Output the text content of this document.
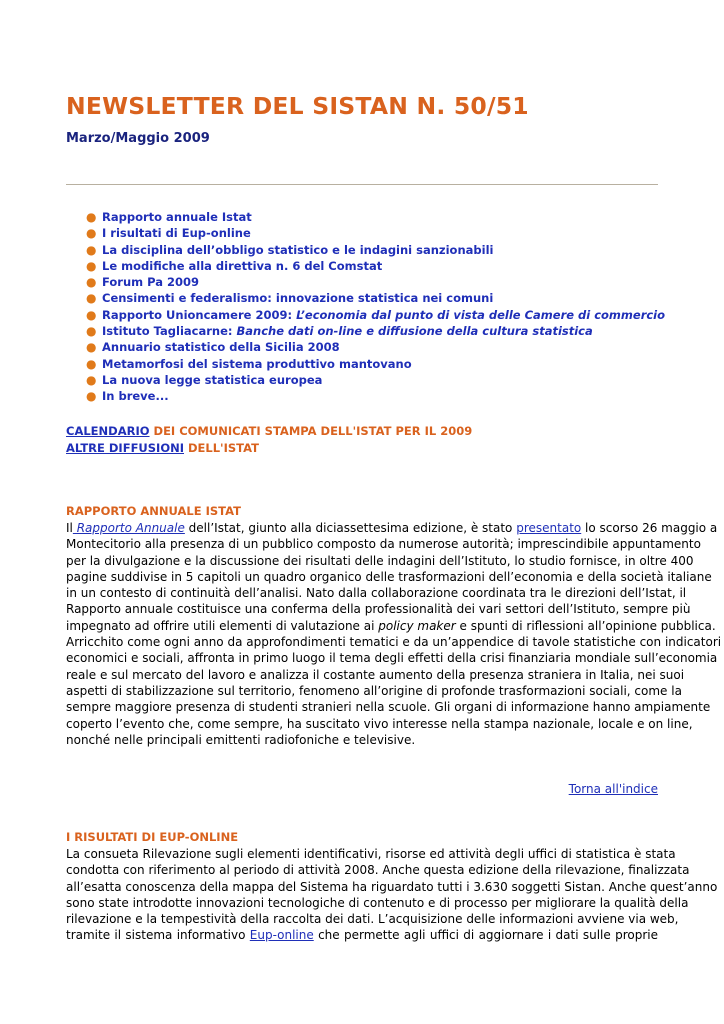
NEWSLETTER DEL SISTAN N. 50/51

Marzo/Maggio 2009

● Rapporto annuale Istat
● I risultati di Eup-online
● La disciplina dell’obbligo statistico e le indagini sanzionabili
● Le modifiche alla direttiva n. 6 del Comstat
● Forum Pa 2009
● Censimenti e federalismo: innovazione statistica nei comuni
● Rapporto Unioncamere 2009: L’economia dal punto di vista delle Camere di commercio
● Istituto Tagliacarne: Banche dati on-line e diffusione della cultura statistica
● Annuario statistico della Sicilia 2008
● Metamorfosi del sistema produttivo mantovano
● La nuova legge statistica europea
● In breve...
CALENDARIO DEI COMUNICATI STAMPA DELL'ISTAT PER IL 2009
ALTRE DIFFUSIONI DELL'ISTAT

RAPPORTO ANNUALE ISTAT

Il Rapporto Annuale dell’Istat, giunto alla diciassettesima edizione, è stato presentato lo scorso 26 maggio a
Montecitorio alla presenza di un pubblico composto da numerose autorità; imprescindibile appuntamento
per la divulgazione e la discussione dei risultati delle indagini dell’Istituto, lo studio fornisce, in oltre 400
pagine suddivise in 5 capitoli un quadro organico delle trasformazioni dell’economia e della società italiane
in un contesto di continuità dell’analisi. Nato dalla collaborazione coordinata tra le direzioni dell’Istat, il
Rapporto annuale costituisce una conferma della professionalità dei vari settori dell’Istituto, sempre più
impegnato ad offrire utili elementi di valutazione ai policy maker e spunti di riflessioni all’opinione pubblica.
Arricchito come ogni anno da approfondimenti tematici e da un’appendice di tavole statistiche con indicatori
economici e sociali, affronta in primo luogo il tema degli effetti della crisi finanziaria mondiale sull’economia
reale e sul mercato del lavoro e analizza il costante aumento della presenza straniera in Italia, nei suoi
aspetti di stabilizzazione sul territorio, fenomeno all’origine di profonde trasformazioni sociali, come la
sempre maggiore presenza di studenti stranieri nella scuole. Gli organi di informazione hanno ampiamente
coperto l’evento che, come sempre, ha suscitato vivo interesse nella stampa nazionale, locale e on line,
nonché nelle principali emittenti radiofoniche e televisive.
Torna all'indice

I RISULTATI DI EUP-ONLINE

La consueta Rilevazione sugli elementi identificativi, risorse ed attività degli uffici di statistica è stata
condotta con riferimento al periodo di attività 2008. Anche questa edizione della rilevazione, finalizzata
all’esatta conoscenza della mappa del Sistema ha riguardato tutti i 3.630 soggetti Sistan. Anche quest’anno
sono state introdotte innovazioni tecnologiche di contenuto e di processo per migliorare la qualità della
rilevazione e la tempestività della raccolta dei dati. L’acquisizione delle informazioni avviene via web,
tramite il sistema informativo Eup-online che permette agli uffici di aggiornare i dati sulle proprie
